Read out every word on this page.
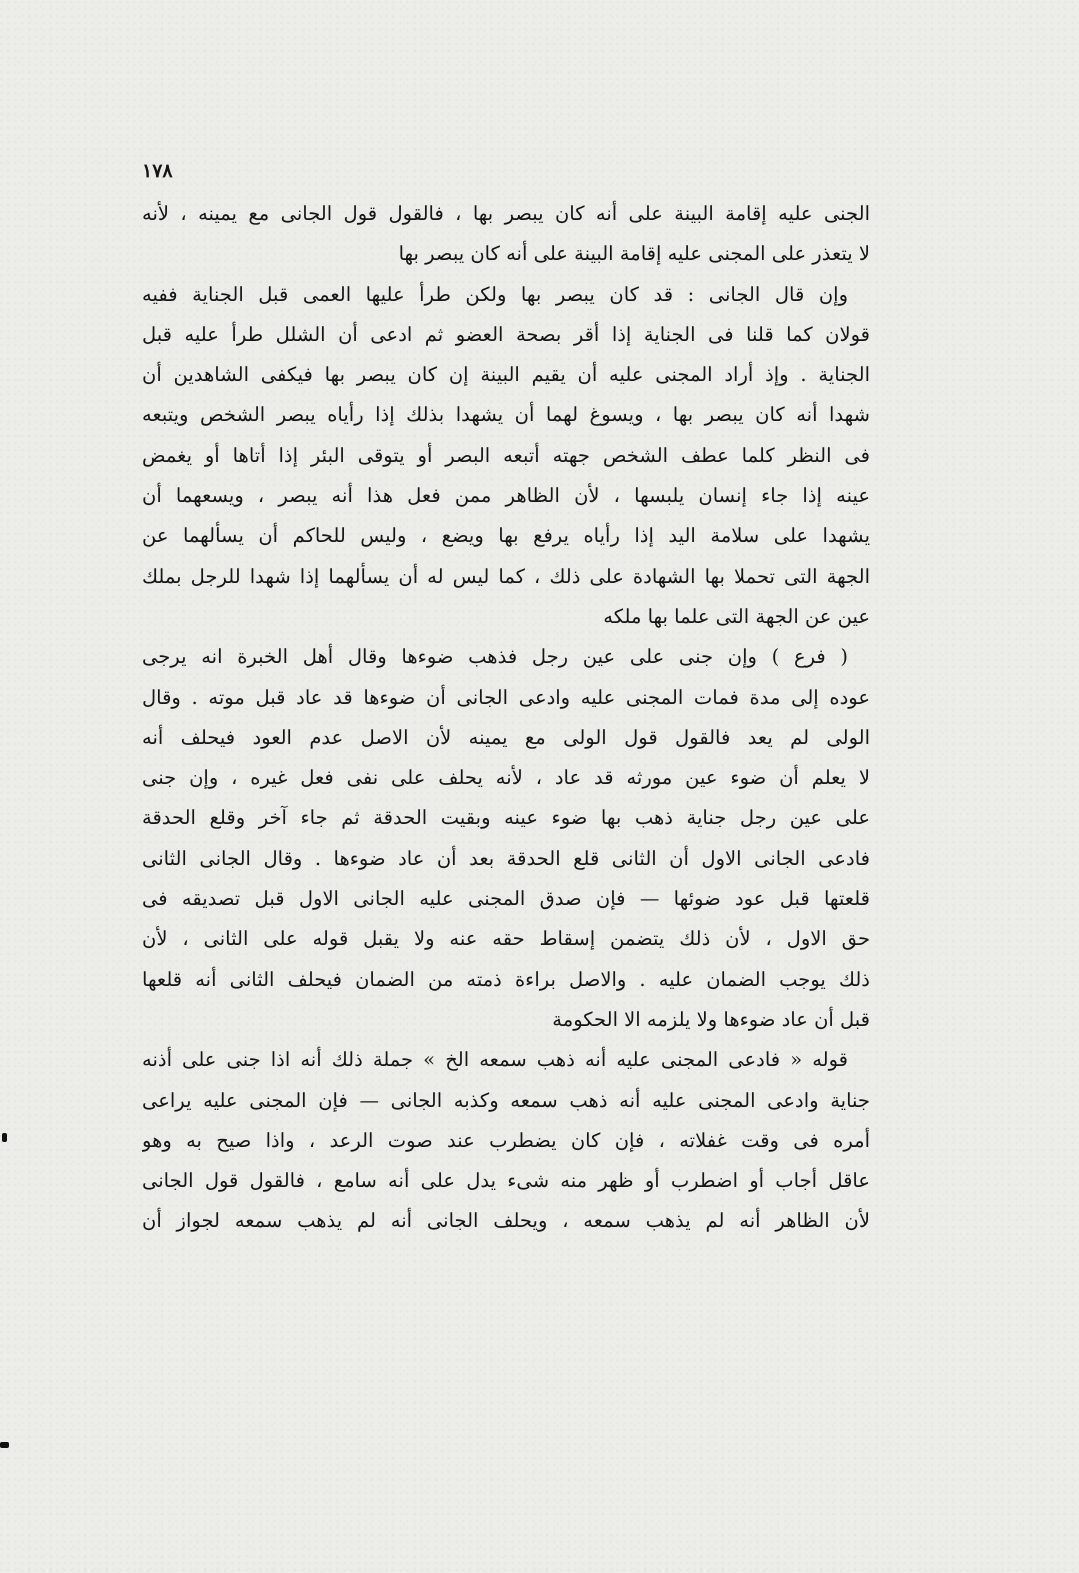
١٧٨
الجنى عليه إقامة البينة على أنه كان يبصر بها ، فالقول قول الجانى مع يمينه ، لأنه
لا يتعذر على المجنى عليه إقامة البينة على أنه كان يبصر بها
وإن قال الجانى : قد كان يبصر بها ولكن طرأ عليها العمى قبل الجناية ففيه
قولان كما قلنا فى الجناية إذا أقر بصحة العضو ثم ادعى أن الشلل طرأ عليه قبل
الجناية . وإذ أراد المجنى عليه أن يقيم البينة إن كان يبصر بها فيكفى الشاهدين أن
شهدا أنه كان يبصر بها ، ويسوغ لهما أن يشهدا بذلك إذا رأياه يبصر الشخص ويتبعه
فى النظر كلما عطف الشخص جهته أتبعه البصر أو يتوقى البئر إذا أتاها أو يغمض
عينه إذا جاء إنسان يلبسها ، لأن الظاهر ممن فعل هذا أنه يبصر ، ويسعهما أن
يشهدا على سلامة اليد إذا رأياه يرفع بها ويضع ، وليس للحاكم أن يسألهما عن
الجهة التى تحملا بها الشهادة على ذلك ، كما ليس له أن يسألهما إذا شهدا للرجل بملك
عين عن الجهة التى علما بها ملكه
( فرع ) وإن جنى على عين رجل فذهب ضوءها وقال أهل الخبرة انه يرجى
عوده إلى مدة فمات المجنى عليه وادعى الجانى أن ضوءها قد عاد قبل موته . وقال
الولى لم يعد فالقول قول الولى مع يمينه لأن الاصل عدم العود فيحلف أنه
لا يعلم أن ضوء عين مورثه قد عاد ، لأنه يحلف على نفى فعل غيره ، وإن جنى
على عين رجل جناية ذهب بها ضوء عينه وبقيت الحدقة ثم جاء آخر وقلع الحدقة
فادعى الجانى الاول أن الثانى قلع الحدقة بعد أن عاد ضوءها . وقال الجانى الثانى
قلعتها قبل عود ضوئها — فإن صدق المجنى عليه الجانى الاول قبل تصديقه فى
حق الاول ، لأن ذلك يتضمن إسقاط حقه عنه ولا يقبل قوله على الثانى ، لأن
ذلك يوجب الضمان عليه . والاصل براءة ذمته من الضمان فيحلف الثانى أنه قلعها
قبل أن عاد ضوءها ولا يلزمه الا الحكومة
قوله « فادعى المجنى عليه أنه ذهب سمعه الخ » جملة ذلك أنه اذا جنى على أذنه
جناية وادعى المجنى عليه أنه ذهب سمعه وكذبه الجانى — فإن المجنى عليه يراعى
أمره فى وقت غفلاته ، فإن كان يضطرب عند صوت الرعد ، واذا صيح به وهو
عاقل أجاب أو اضطرب أو ظهر منه شىء يدل على أنه سامع ، فالقول قول الجانى
لأن الظاهر أنه لم يذهب سمعه ، ويحلف الجانى أنه لم يذهب سمعه لجواز أن
